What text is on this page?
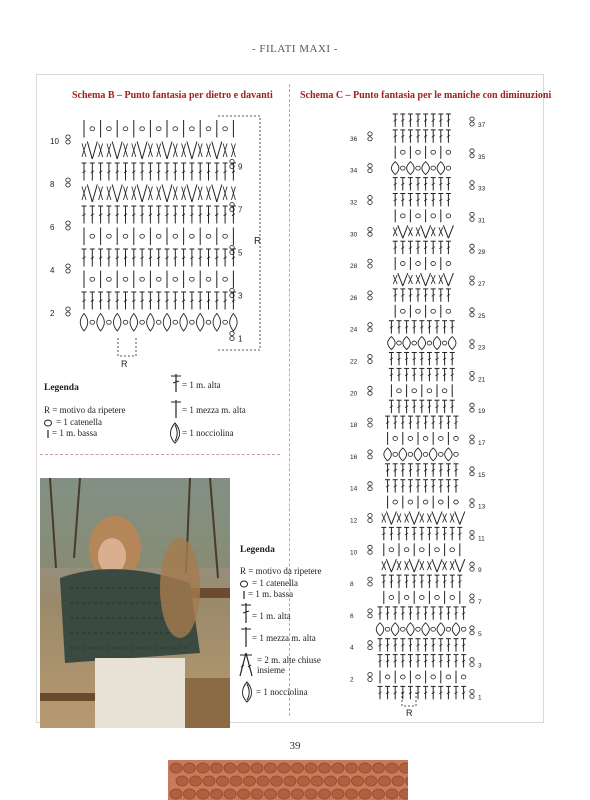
- FILATI MAXI -
Schema B – Punto fantasia per dietro e davanti
10
8
6
4
2
9
7
5
3
1
R
R
Schema C – Punto fantasia per le maniche con diminuzioni
36
34
32
30
28
26
24
22
20
18
16
14
12
10
8
6
4
2
37
35
33
31
29
27
25
23
21
19
17
15
13
11
9
7
5
3
1
R
Legenda
R = motivo da ripetere
= 1 catenella
= 1 m. bassa
= 1 m. alta
= 1 mezza m. alta
= 1 nocciolina
Legenda
R = motivo da ripetere
= 1 catenella
= 1 m. bassa
= 1 m. alta
= 1 mezza m. alta
= 2 m. alte chiuse insieme
= 1 nocciolina
39
PassionForum.ru
